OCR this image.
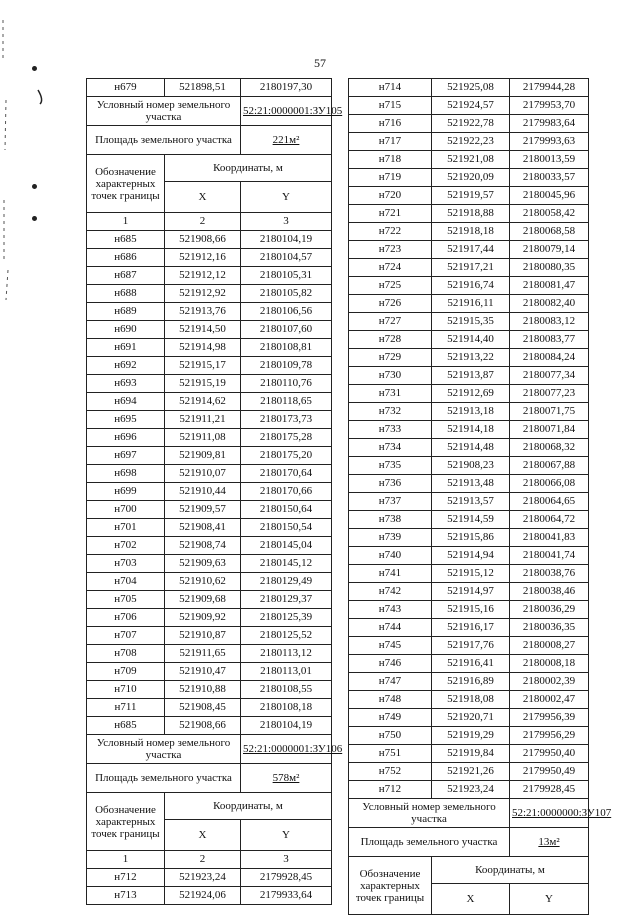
57
н679	521898,51	2180197,30
Условный номер земельного участка		52:21:0000001:ЗУ105
Площадь земельного участка		221м²
Обозначение характерных точек границы	Координаты, м	
	X	Y
1	2	3
н685	521908,66	2180104,19
н686	521912,16	2180104,57
н687	521912,12	2180105,31
н688	521912,92	2180105,82
н689	521913,76	2180106,56
н690	521914,50	2180107,60
н691	521914,98	2180108,81
н692	521915,17	2180109,78
н693	521915,19	2180110,76
н694	521914,62	2180118,65
н695	521911,21	2180173,73
н696	521911,08	2180175,28
н697	521909,81	2180175,20
н698	521910,07	2180170,64
н699	521910,44	2180170,66
н700	521909,57	2180150,64
н701	521908,41	2180150,54
н702	521908,74	2180145,04
н703	521909,63	2180145,12
н704	521910,62	2180129,49
н705	521909,68	2180129,37
н706	521909,92	2180125,39
н707	521910,87	2180125,52
н708	521911,65	2180113,12
н709	521910,47	2180113,01
н710	521910,88	2180108,55
н711	521908,45	2180108,18
н685	521908,66	2180104,19
Условный номер земельного участка		52:21:0000001:ЗУ106
Площадь земельного участка		578м²
Обозначение характерных точек границы	Координаты, м	
	X	Y
1	2	3
н712	521923,24	2179928,45
н713	521924,06	2179933,64
н714	521925,08	2179944,28
н715	521924,57	2179953,70
н716	521922,78	2179983,64
н717	521922,23	2179993,63
н718	521921,08	2180013,59
н719	521920,09	2180033,57
н720	521919,57	2180045,96
н721	521918,88	2180058,42
н722	521918,18	2180068,58
н723	521917,44	2180079,14
н724	521917,21	2180080,35
н725	521916,74	2180081,47
н726	521916,11	2180082,40
н727	521915,35	2180083,12
н728	521914,40	2180083,77
н729	521913,22	2180084,24
н730	521913,87	2180077,34
н731	521912,69	2180077,23
н732	521913,18	2180071,75
н733	521914,18	2180071,84
н734	521914,48	2180068,32
н735	521908,23	2180067,88
н736	521913,48	2180066,08
н737	521913,57	2180064,65
н738	521914,59	2180064,72
н739	521915,86	2180041,83
н740	521914,94	2180041,74
н741	521915,12	2180038,76
н742	521914,97	2180038,46
н743	521915,16	2180036,29
н744	521916,17	2180036,35
н745	521917,76	2180008,27
н746	521916,41	2180008,18
н747	521916,89	2180002,39
н748	521918,08	2180002,47
н749	521920,71	2179956,39
н750	521919,29	2179956,29
н751	521919,84	2179950,40
н752	521921,26	2179950,49
н712	521923,24	2179928,45
Условный номер земельного участка		52:21:0000000:ЗУ107
Площадь земельного участка		13м²
Обозначение характерных точек границы	Координаты, м	
	X	Y
